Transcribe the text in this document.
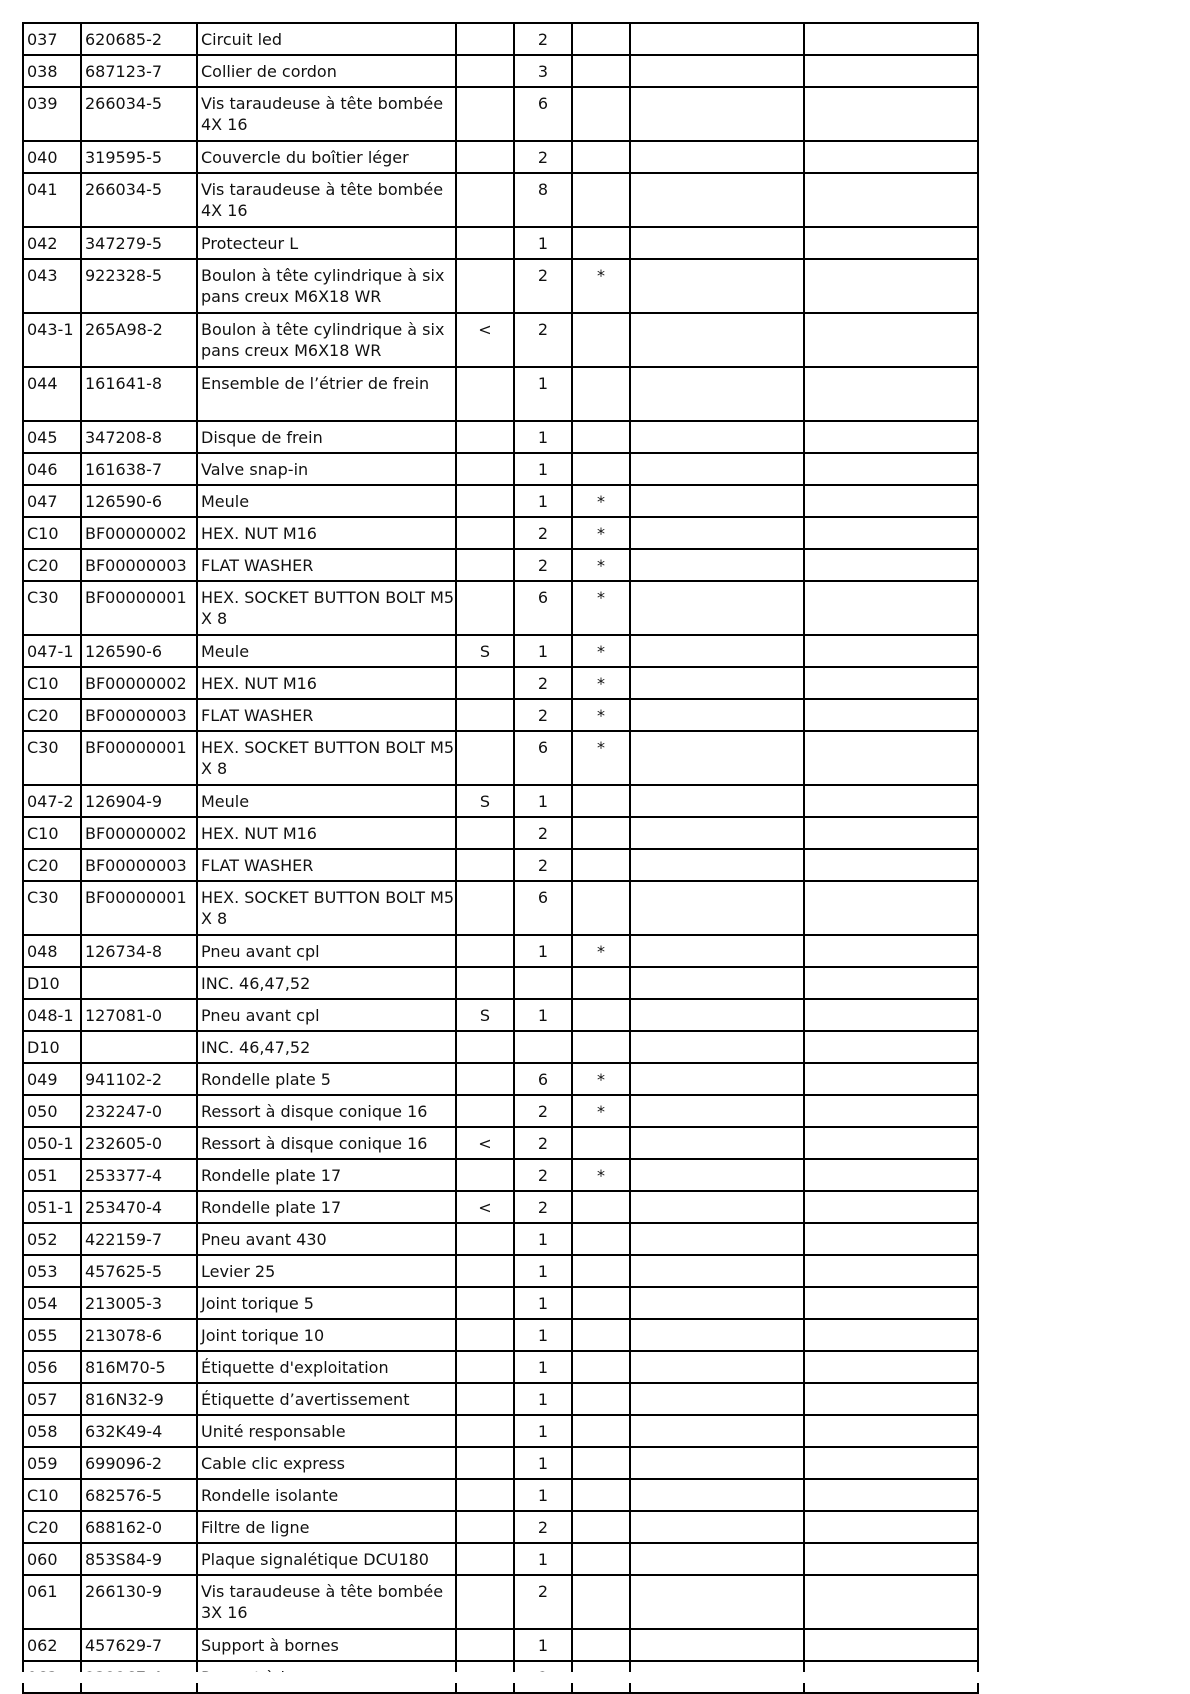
037	620685-2	Circuit led		2			
038	687123-7	Collier de cordon		3			
039	266034-5	Vis taraudeuse à tête bombée 4X 16		6			
040	319595-5	Couvercle du boîtier léger		2			
041	266034-5	Vis taraudeuse à tête bombée 4X 16		8			
042	347279-5	Protecteur L		1			
043	922328-5	Boulon à tête cylindrique à six pans creux M6X18 WR		2	*		
043-1	265A98-2	Boulon à tête cylindrique à six pans creux M6X18 WR	<	2			
044	161641-8	Ensemble de l’étrier de frein		1			
045	347208-8	Disque de frein		1			
046	161638-7	Valve snap-in		1			
047	126590-6	Meule		1	*		
C10	BF00000002	HEX. NUT M16		2	*		
C20	BF00000003	FLAT WASHER		2	*		
C30	BF00000001	HEX. SOCKET BUTTON BOLT M5X 8		6	*		
047-1	126590-6	Meule	S	1	*		
C10	BF00000002	HEX. NUT M16		2	*		
C20	BF00000003	FLAT WASHER		2	*		
C30	BF00000001	HEX. SOCKET BUTTON BOLT M5X 8		6	*		
047-2	126904-9	Meule	S	1			
C10	BF00000002	HEX. NUT M16		2			
C20	BF00000003	FLAT WASHER		2			
C30	BF00000001	HEX. SOCKET BUTTON BOLT M5X 8		6			
048	126734-8	Pneu avant cpl		1	*		
D10		INC. 46,47,52					
048-1	127081-0	Pneu avant cpl	S	1			
D10		INC. 46,47,52					
049	941102-2	Rondelle plate 5		6	*		
050	232247-0	Ressort à disque conique 16		2	*		
050-1	232605-0	Ressort à disque conique 16	<	2			
051	253377-4	Rondelle plate 17		2	*		
051-1	253470-4	Rondelle plate 17	<	2			
052	422159-7	Pneu avant 430		1			
053	457625-5	Levier 25		1			
054	213005-3	Joint torique 5		1			
055	213078-6	Joint torique 10		1			
056	816M70-5	Étiquette d'exploitation		1			
057	816N32-9	Étiquette d’avertissement		1			
058	632K49-4	Unité responsable		1			
059	699096-2	Cable clic express		1			
C10	682576-5	Rondelle isolante		1			
C20	688162-0	Filtre de ligne		2			
060	853S84-9	Plaque signalétique DCU180		1			
061	266130-9	Vis taraudeuse à tête bombée 3X 16		2			
062	457629-7	Support à bornes		1			
